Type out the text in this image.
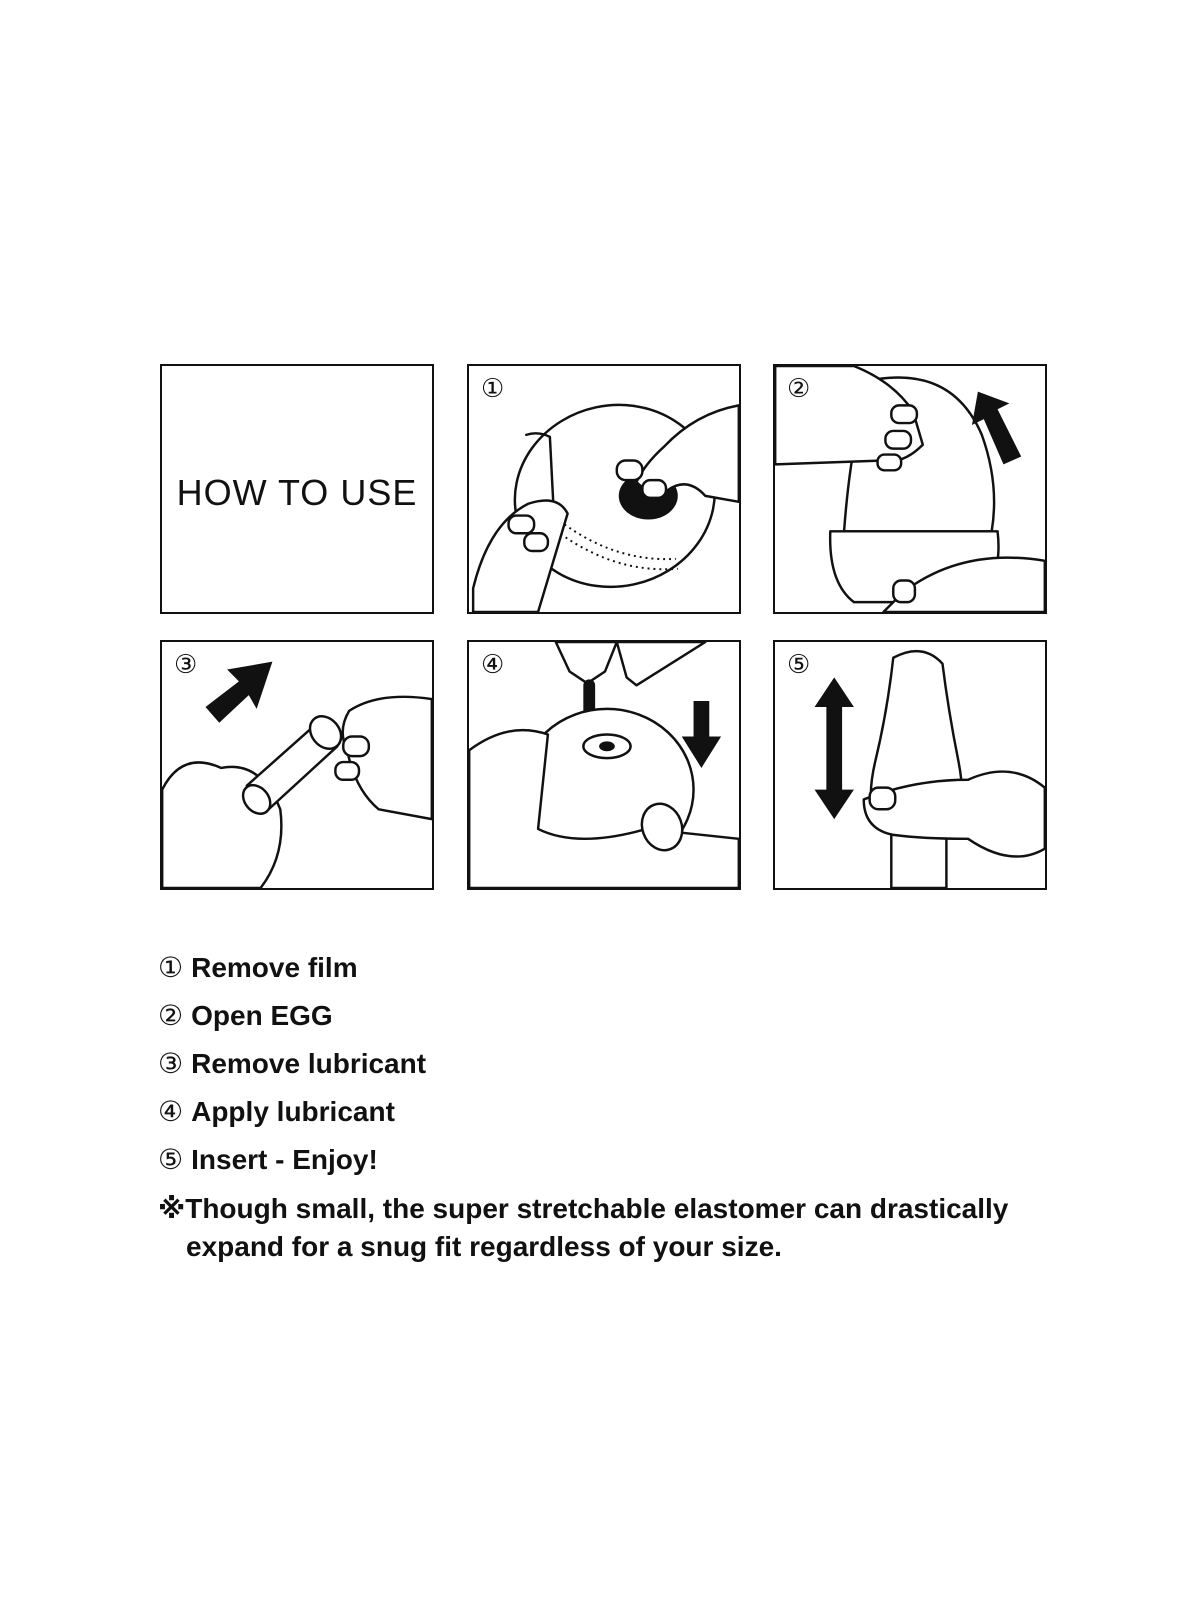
HOW TO USE
①	②
③	④	⑤
① Remove film
② Open EGG
③ Remove lubricant
④ Apply lubricant
⑤ Insert - Enjoy!
※Though small, the super stretchable elastomer can drastically
expand for a snug fit regardless of your size.
